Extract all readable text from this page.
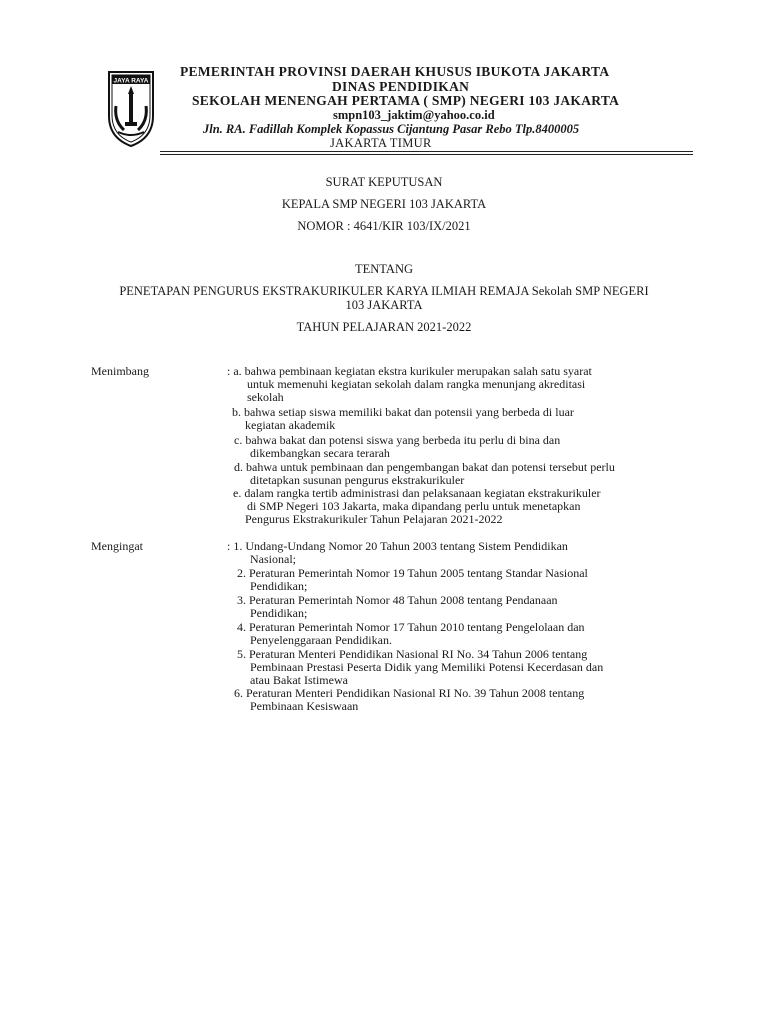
JAYA RAYA
PEMERINTAH PROVINSI DAERAH KHUSUS IBUKOTA JAKARTA
DINAS PENDIDIKAN
SEKOLAH MENENGAH PERTAMA ( SMP) NEGERI 103 JAKARTA
smpn103_jaktim@yahoo.co.id
Jln. RA. Fadillah Komplek Kopassus Cijantung Pasar Rebo Tlp.8400005
JAKARTA TIMUR
SURAT KEPUTUSAN
KEPALA SMP NEGERI 103 JAKARTA
NOMOR : 4641/KIR 103/IX/2021
TENTANG
PENETAPAN PENGURUS EKSTRAKURIKULER KARYA ILMIAH REMAJA Sekolah SMP NEGERI
103 JAKARTA
TAHUN PELAJARAN 2021-2022
Menimbang	: a. bahwa pembinaan kegiatan ekstra kurikuler merupakan salah satu syarat
untuk memenuhi kegiatan sekolah dalam rangka menunjang akreditasi
sekolah
b. bahwa setiap siswa memiliki bakat dan potensii yang berbeda di luar
kegiatan akademik
c. bahwa bakat dan potensi siswa yang berbeda itu perlu di bina dan
dikembangkan secara terarah
d. bahwa untuk pembinaan dan pengembangan bakat dan potensi tersebut perlu
ditetapkan susunan pengurus ekstrakurikuler
e. dalam rangka tertib administrasi dan pelaksanaan kegiatan ekstrakurikuler
di SMP Negeri 103 Jakarta, maka dipandang perlu untuk menetapkan
Pengurus Ekstrakurikuler Tahun Pelajaran 2021-2022
Mengingat	: 1. Undang-Undang Nomor 20 Tahun 2003 tentang Sistem Pendidikan
Nasional;
2. Peraturan Pemerintah Nomor 19 Tahun 2005 tentang Standar Nasional
Pendidikan;
3. Peraturan Pemerintah Nomor 48 Tahun 2008 tentang Pendanaan
Pendidikan;
4. Peraturan Pemerintah Nomor 17 Tahun 2010 tentang Pengelolaan dan
Penyelenggaraan Pendidikan.
5. Peraturan Menteri Pendidikan Nasional RI No. 34 Tahun 2006 tentang
Pembinaan Prestasi Peserta Didik yang Memiliki Potensi Kecerdasan dan
atau Bakat Istimewa
6. Peraturan Menteri Pendidikan Nasional RI No. 39 Tahun 2008 tentang
Pembinaan Kesiswaan
